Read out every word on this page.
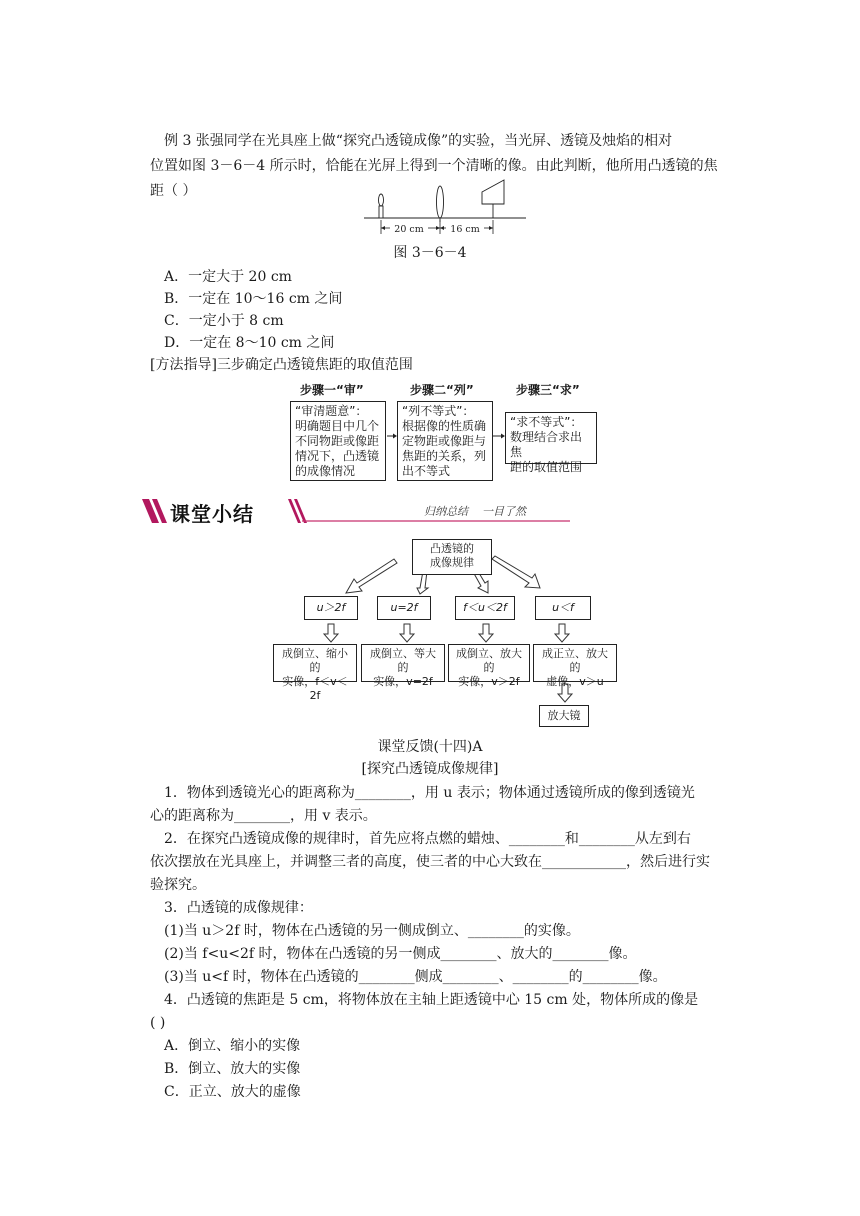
例 3 张强同学在光具座上做“探究凸透镜成像”的实验，当光屏、透镜及烛焰的相对
位置如图 3－6－4 所示时，恰能在光屏上得到一个清晰的像。由此判断，他所用凸透镜的焦
距（ ）
20 cm	16 cm
图 3－6－4
A．一定大于 20 cm
B．一定在 10～16 cm 之间
C．一定小于 8 cm
D．一定在 8～10 cm 之间
[方法指导]三步确定凸透镜焦距的取值范围
步骤一“审”	步骤二“列”	步骤三“求”
“审清题意”：
明确题目中几个
不同物距或像距
情况下，凸透镜
的成像情况
“列不等式”：
根据像的性质确
定物距或像距与
焦距的关系，列
出不等式
“求不等式”：
数理结合求出焦
距的取值范围
课堂小结	归纳总结    一目了然
凸透镜的
成像规律
u＞2f	u=2f	f＜u＜2f	u＜f
成倒立、缩小的
实像，f＜v＜2f
成倒立、等大的
实像，v=2f
成倒立、放大的
实像，v＞2f
成正立、放大的
虚像，v＞u
放大镜
课堂反馈(十四)A
[探究凸透镜成像规律]
1．物体到透镜光心的距离称为________，用 u 表示；物体通过透镜所成的像到透镜光
心的距离称为________，用 v 表示。
2．在探究凸透镜成像的规律时，首先应将点燃的蜡烛、________和________从左到右
依次摆放在光具座上，并调整三者的高度，使三者的中心大致在____________，然后进行实
验探究。
3．凸透镜的成像规律：
(1)当 u＞2f 时，物体在凸透镜的另一侧成倒立、________的实像。
(2)当 f<u<2f 时，物体在凸透镜的另一侧成________、放大的________像。
(3)当 u<f 时，物体在凸透镜的________侧成________、________的________像。
4．凸透镜的焦距是 5 cm，将物体放在主轴上距透镜中心 15 cm 处，物体所成的像是
( )
A．倒立、缩小的实像
B．倒立、放大的实像
C．正立、放大的虚像
